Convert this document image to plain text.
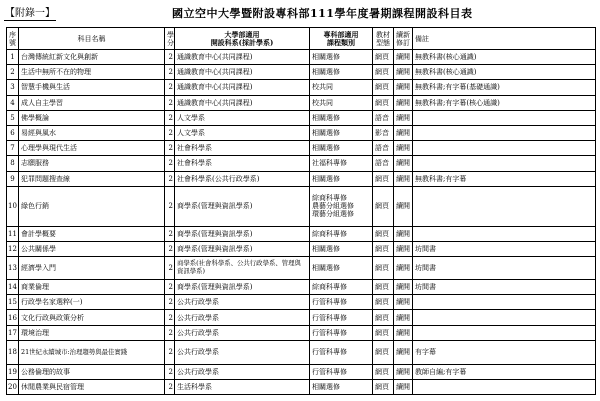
【附錄一】	國立空中大學暨附設專科部111學年度暑期課程開設科目表
序號	科目名稱	學分	大學部適用
開設科系(採計學系)	專科部適用
課程類別	教材型態	續新修訂	備註
1	台灣傳統紅新文化與創新	2	通識教育中心(共同課程)	相關選修	網頁	續開	無教科書(核心通識)
2	生活中無所不在的物理	2	通識教育中心(共同課程)	相關選修	網頁	續開	無教科書(核心通識)
3	智慧手機與生活	2	通識教育中心(共同課程)	校共同	網頁	續開	無教科書;有字幕(基礎通識)
4	成人自主學習	2	通識教育中心(共同課程)	校共同	網頁	續開	無教科書;有字幕(核心通識)
5	佛學概論	2	人文學系	相關選修	語音	續開	
6	易經與風水	2	人文學系	相關選修	影音	續開	
7	心理學與現代生活	2	社會科學系	相關選修	語音	續開	
8	志願服務	2	社會科學系	社福科專修	語音	續開	
9	犯罪問題搜查線	2	社會科學系(公共行政學系)	相關選修	網頁	續開	無教科書;有字幕
10	綠色行銷	2	商學系(管理與資訊學系)	綜商科專修
農藝分組選修
環藝分組選修	網頁	續開	
11	會計學概要	2	商學系(管理與資訊學系)	綜商科專修	網頁	續開	
12	公共關係學	2	商學系(管理與資訊學系)	相關選修	網頁	續開	坊間書
13	經濟學入門	2	商學系(社會科學系、公共行政學系、管理與資訊學系)	相關選修	網頁	續開	坊間書
14	商業倫理	2	商學系(管理與資訊學系)	綜商科專修	網頁	續開	坊間書
15	行政學名家選粹(一)	2	公共行政學系	行管科專修	網頁	續開	
16	文化行政與政策分析	2	公共行政學系	行管科專修	網頁	續開	
17	環境治理	2	公共行政學系	行管科專修	網頁	續開	
18	21世紀永續城市:治理趨勢與最佳實踐	2	公共行政學系	行管科專修	網頁	續開	有字幕
19	公務倫理的故事	2	公共行政學系	行管科專修	網頁	續開	教師自編;有字幕
20	休閒農業與民宿管理	2	生活科學系	相關選修	網頁	續開	
